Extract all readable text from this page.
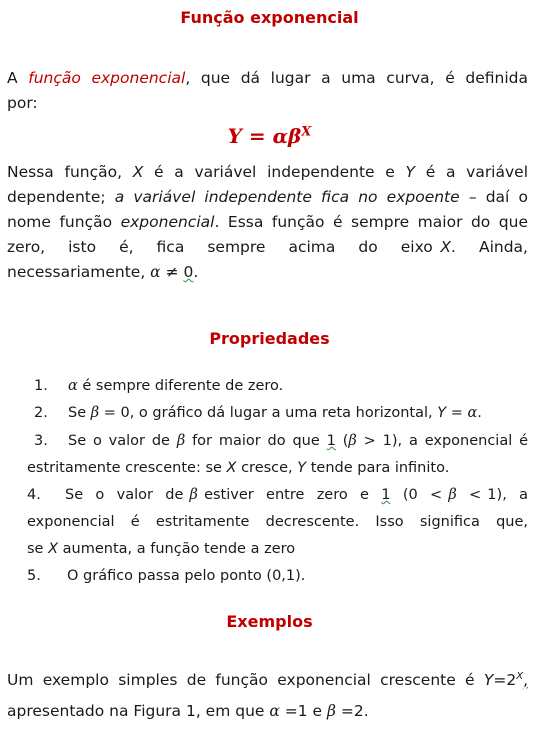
Função exponencial
A função exponencial, que dá lugar a uma curva, é definida
por:
$Y = \alpha\beta^X$
Nessa função, X é a variável independente e Y é a variável
dependente; a variável independente fica no expoente – daí o
nome função exponencial. Essa função é sempre maior do que
zero,   isto   é,   fica   sempre   acima   do   eixo X.   Ainda,
necessariamente, α ≠ 0.
Propriedades
1. α é sempre diferente de zero.
2. Se β = 0, o gráfico dá lugar a uma reta horizontal, Y = α.
3. Se o valor de β for maior do que 1 (β > 1), a exponencial é
estritamente crescente: se X cresce, Y tende para infinito.
4. Se  o  valor  de β estiver  entre  zero  e  1  (0  < β  < 1),  a
exponencial  é  estritamente  decrescente.  Isso  significa  que,
se X aumenta, a função tende a zero
5. O gráfico passa pelo ponto (0,1).
Exemplos
Um exemplo simples de função exponencial crescente é $Y=2^X$,
apresentado na Figura 1, em que α =1 e β =2.
